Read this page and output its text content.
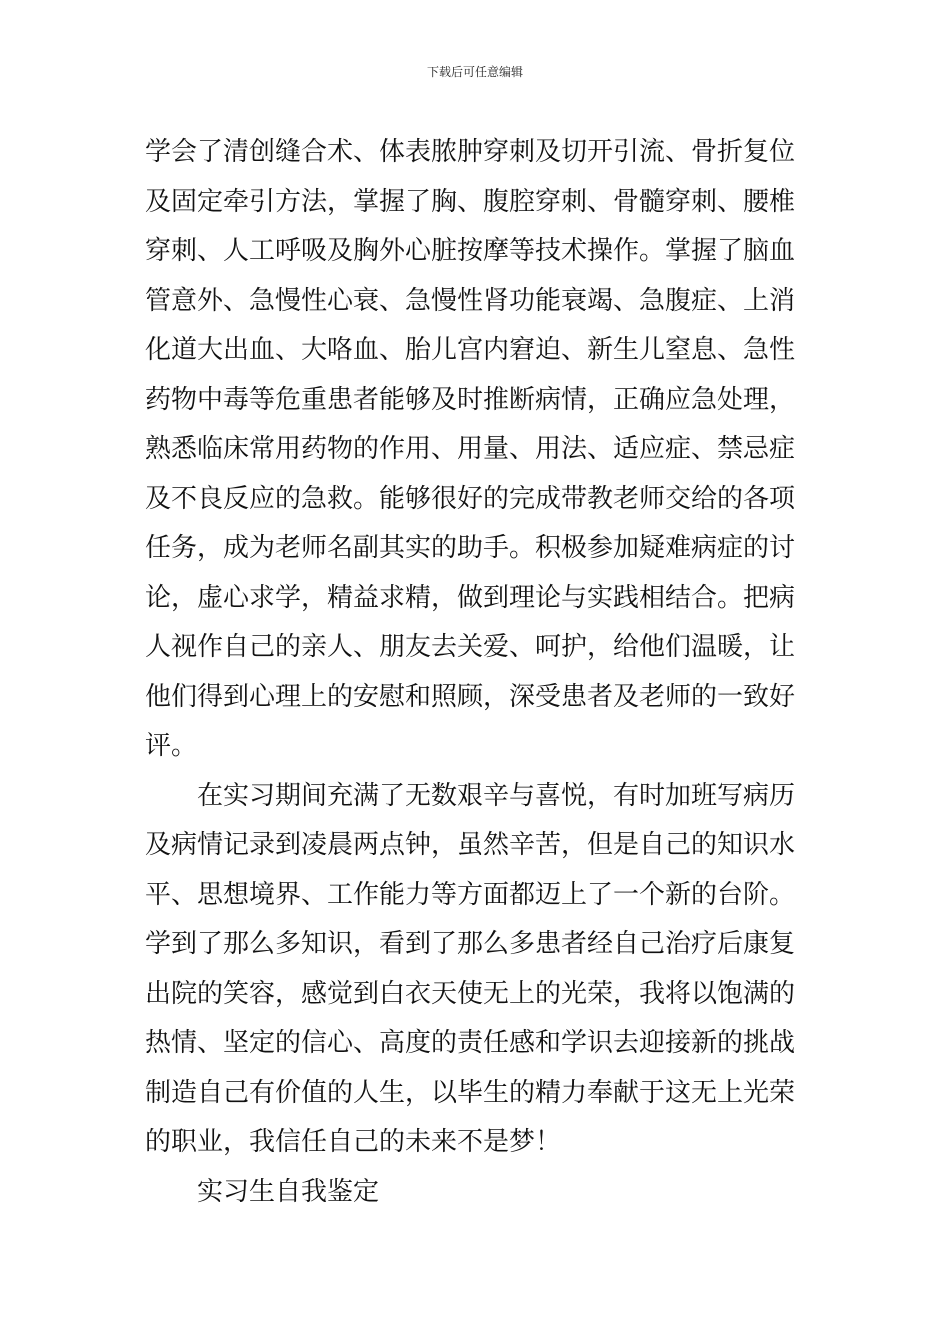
下载后可任意编辑
学会了清创缝合术、体表脓肿穿刺及切开引流、骨折复位
及固定牵引方法，掌握了胸、腹腔穿刺、骨髓穿刺、腰椎
穿刺、人工呼吸及胸外心脏按摩等技术操作。掌握了脑血
管意外、急慢性心衰、急慢性肾功能衰竭、急腹症、上消
化道大出血、大咯血、胎儿宫内窘迫、新生儿窒息、急性
药物中毒等危重患者能够及时推断病情，正确应急处理，
熟悉临床常用药物的作用、用量、用法、适应症、禁忌症
及不良反应的急救。能够很好的完成带教老师交给的各项
任务，成为老师名副其实的助手。积极参加疑难病症的讨
论，虚心求学，精益求精，做到理论与实践相结合。把病
人视作自己的亲人、朋友去关爱、呵护，给他们温暖，让
他们得到心理上的安慰和照顾，深受患者及老师的一致好
评。
在实习期间充满了无数艰辛与喜悦，有时加班写病历
及病情记录到凌晨两点钟，虽然辛苦，但是自己的知识水
平、思想境界、工作能力等方面都迈上了一个新的台阶。
学到了那么多知识，看到了那么多患者经自己治疗后康复
出院的笑容，感觉到白衣天使无上的光荣，我将以饱满的
热情、坚定的信心、高度的责任感和学识去迎接新的挑战
制造自己有价值的人生，以毕生的精力奉献于这无上光荣
的职业，我信任自己的未来不是梦！
实习生自我鉴定
